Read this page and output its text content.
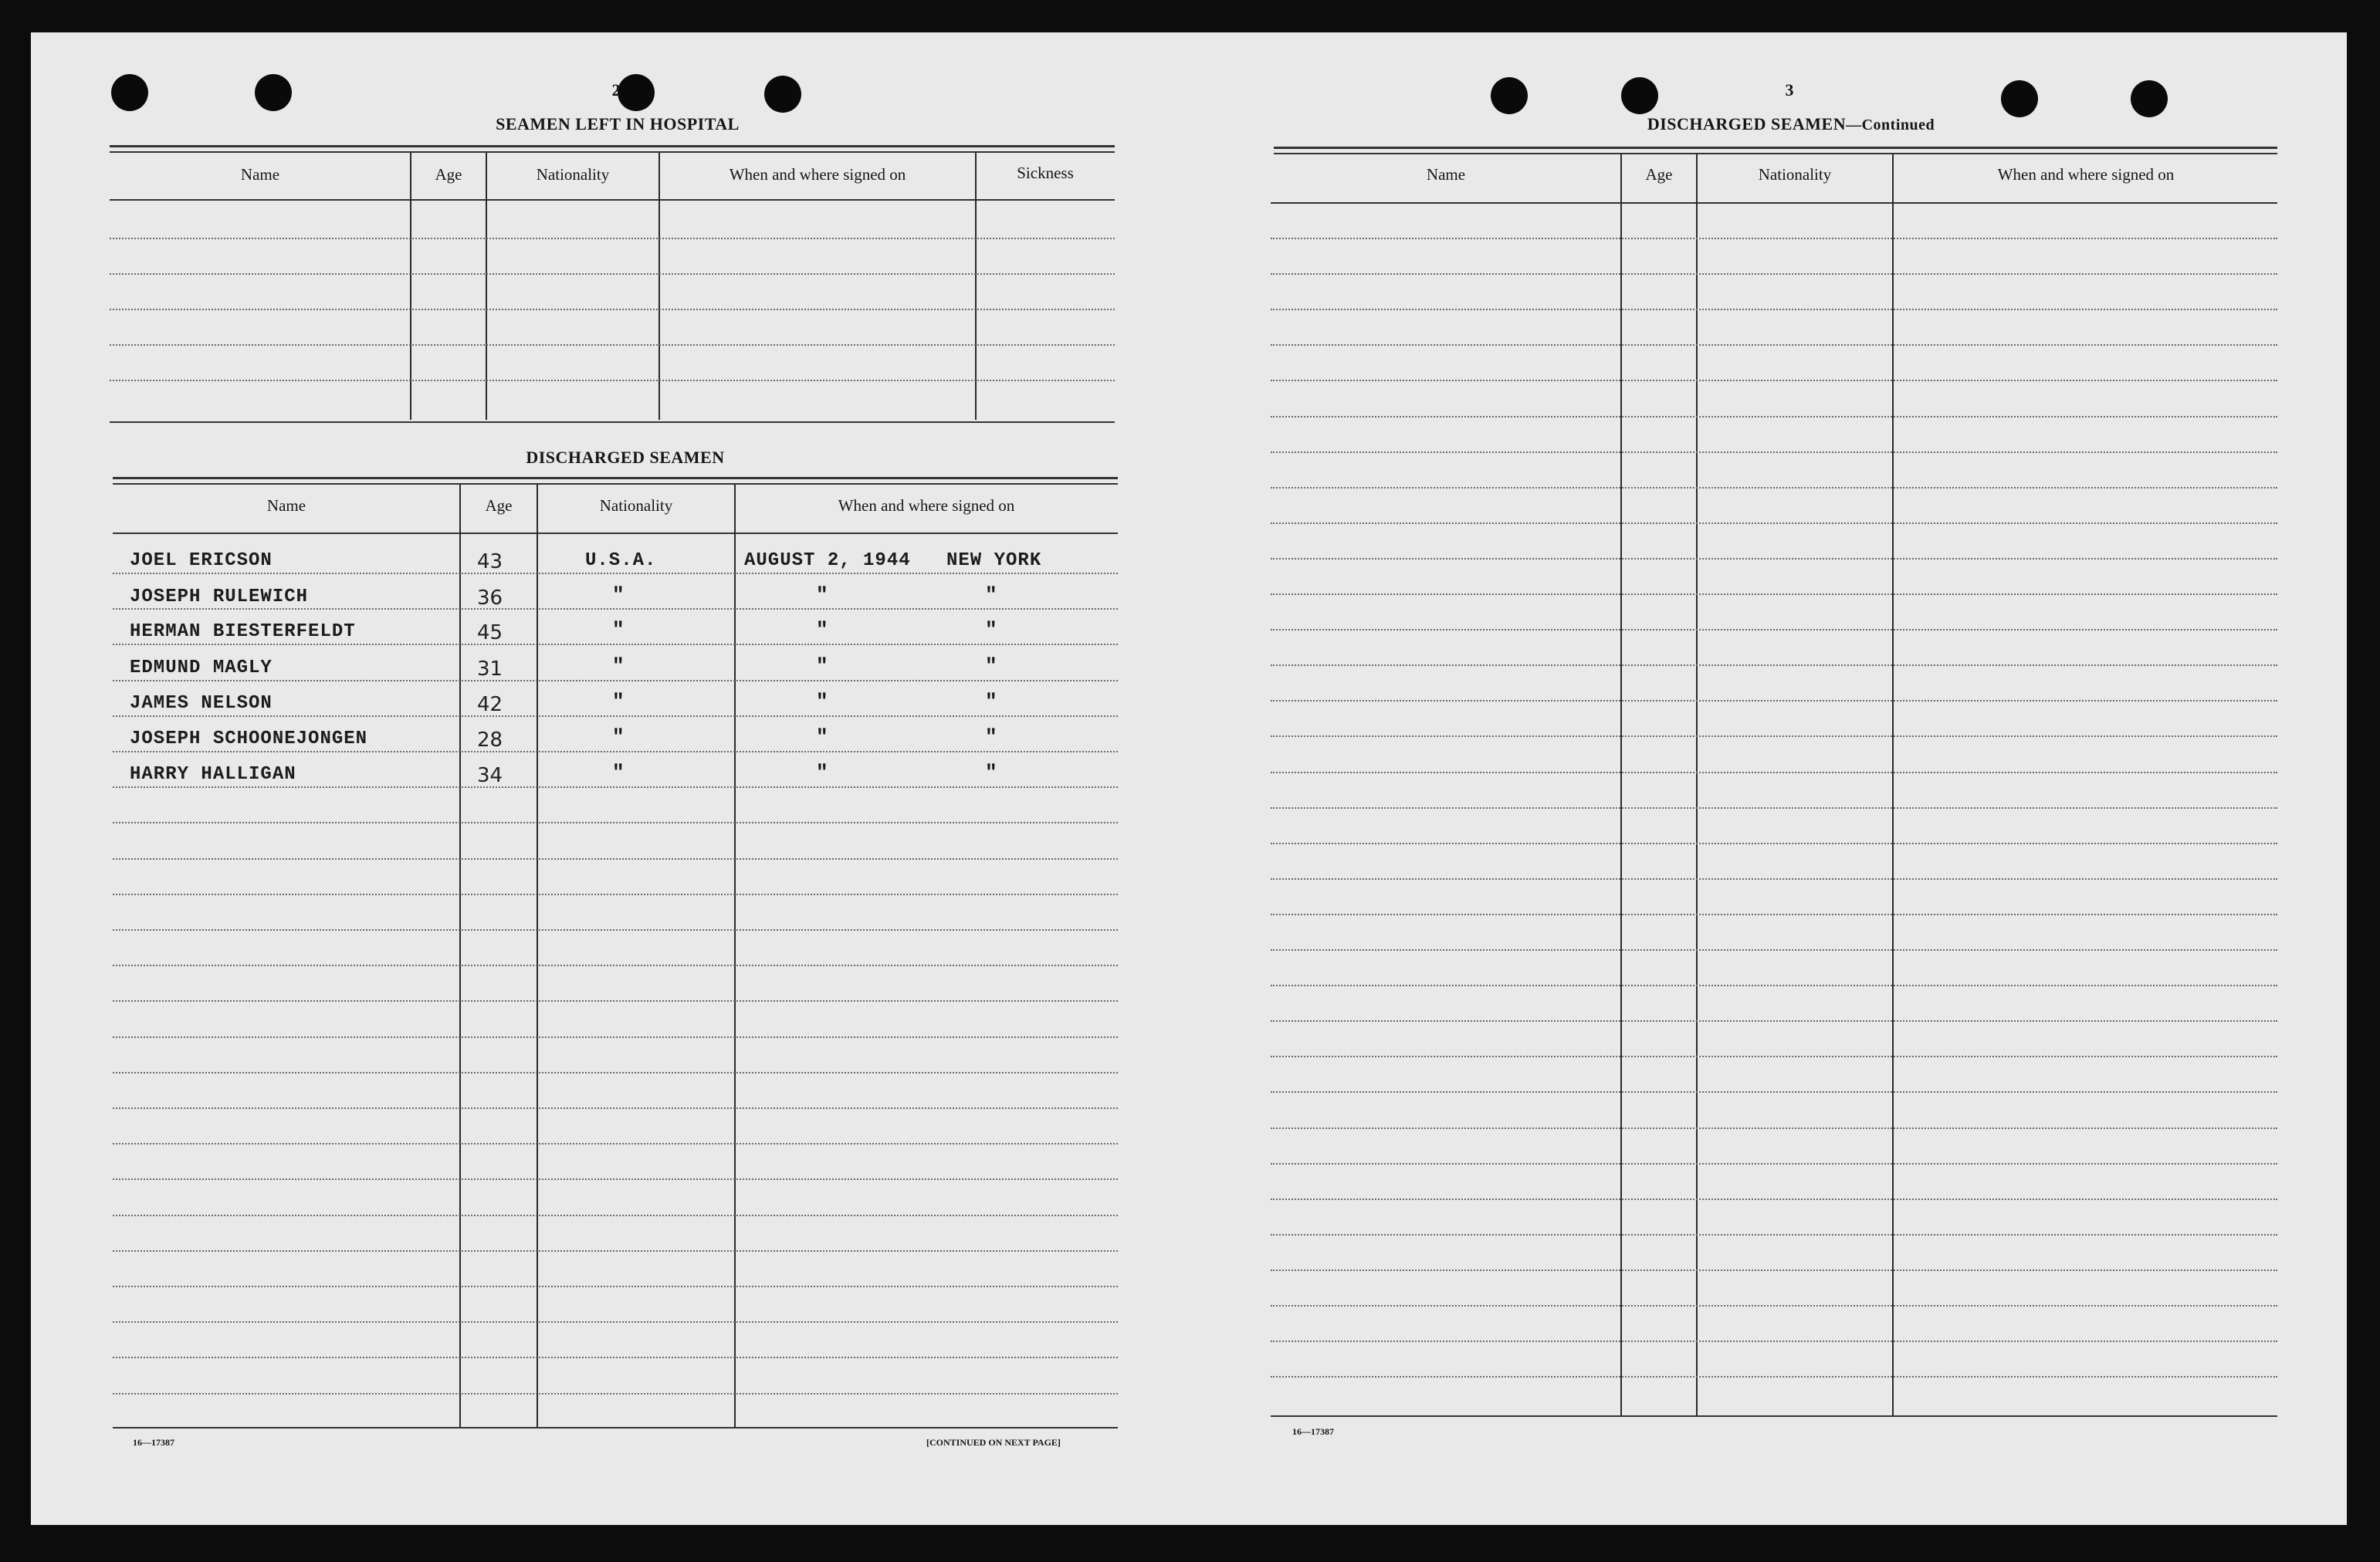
2
SEAMEN LEFT IN HOSPITAL
Name	Age	Nationality	When and where signed on	Sickness
DISCHARGED SEAMEN
Name	Age	Nationality	When and where signed on
JOEL ERICSON	43	U.S.A.	AUGUST 2, 1944 NEW YORK
JOSEPH RULEWICH	36	"	"	"
HERMAN BIESTERFELDT	45	"	"	"
EDMUND MAGLY	31	"	"	"
JAMES NELSON	42	"	"	"
JOSEPH SCHOONEJONGEN	28	"	"	"
HARRY HALLIGAN	34	"	"	"
16—17387	[CONTINUED ON NEXT PAGE]
3
DISCHARGED SEAMEN—Continued
Name	Age	Nationality	When and where signed on
16—17387
